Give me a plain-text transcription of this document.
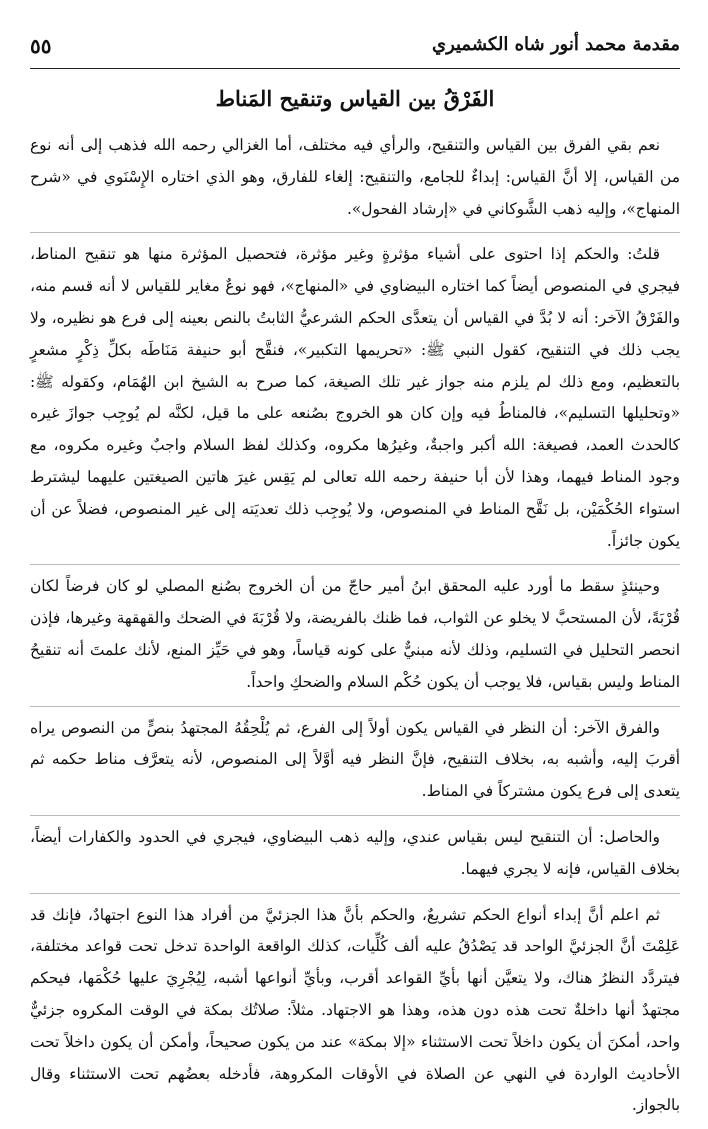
مقدمة محمد أنور شاه الكشميري
٥٥
الفَرْقُ بين القياس وتنقيح المَناط

نعم بقي الفرق بين القياس والتنقيح، والرأي فيه مختلف، أما الغزالي رحمه الله فذهب إلى أنه نوع من القياس، إلا أنَّ القياس: إبداءٌ للجامع، والتنقيح: إلغاء للفارق، وهو الذي اختاره الإِسْنَوي في «شرح المنهاج»، وإليه ذهب الشَّوكاني في «إرشاد الفحول».

قلتُ: والحكم إذا احتوى على أشياء مؤثرةٍ وغير مؤثرة، فتحصيل المؤثرة منها هو تنقيح المناط، فيجري في المنصوص أيضاً كما اختاره البيضاوي في «المنهاج»، فهو نوعٌ مغاير للقياس لا أنه قسم منه، والفَرْقُ الآخر: أنه لا بُدَّ في القياس أن يتعدَّى الحكم الشرعيُّ الثابتُ بالنص بعينه إلى فرع هو نظيره، ولا يجب ذلك في التنقيح، كقول النبي ﷺ: «تحريمها التكبير»، فنقَّح أبو حنيفة مَنَاطَه بكلِّ ذِكْرٍ مشعرٍ بالتعظيم، ومع ذلك لم يلزم منه جواز غير تلك الصيغة، كما صرح به الشيخ ابن الهُمَام، وكقوله ﷺ: «وتحليلها التسليم»، فالمناطُ فيه وإن كان هو الخروج بصُنعه على ما قيل، لكنَّه لم يُوجِب جوازَ غيره كالحدث العمد، فصيغة: الله أكبر واجبةٌ، وغيرُها مكروه، وكذلك لفظ السلام واجبٌ وغيره مكروه، مع وجود المناط فيهما، وهذا لأن أبا حنيفة رحمه الله تعالى لم يَقِس غيرَ هاتين الصيغتين عليهما ليشترط استواء الحُكْمَيْن، بل نَقَّح المناط في المنصوص، ولا يُوجِب ذلك تعديَته إلى غير المنصوص، فضلاً عن أن يكون جائزاً.

وحينئذٍ سقط ما أورد عليه المحقق ابنُ أمير حاجّ من أن الخروج بصُنع المصلي لو كان فرضاً لكان قُرْبَةً، لأن المستحبَّ لا يخلو عن الثواب، فما ظنك بالفريضة، ولا قُرْبَةَ في الضحك والقهقهة وغيرها، فإذن انحصر التحليل في التسليم، وذلك لأنه مبنيٌّ على كونه قياساً، وهو في حَيِّز المنع، لأنك علمتَ أنه تنقيحُ المناط وليس بقياس، فلا يوجب أن يكون حُكْم السلام والضحكِ واحداً.

والفرق الآخر: أن النظر في القياس يكون أولاً إلى الفرع، ثم يُلْحِقُهُ المجتهدُ بنصٍّ من النصوص يراه أقربَ إليه، وأشبه به، بخلاف التنقيح، فإنَّ النظر فيه أوَّلاً إلى المنصوص، لأنه يتعرَّف مناط حكمه ثم يتعدى إلى فرع يكون مشتركاً في المناط.

والحاصل: أن التنقيح ليس بقياس عندي، وإليه ذهب البيضاوي، فيجري في الحدود والكفارات أيضاً، بخلاف القياس، فإنه لا يجري فيهما.

ثم اعلم أنَّ إبداء أنواع الحكم تشريعٌ، والحكم بأنَّ هذا الجزئيَّ من أفراد هذا النوع اجتهادٌ، فإنك قد عَلِمْتَ أنَّ الجزئيَّ الواحد قد يَصْدُقُ عليه ألف كُلِّيات، كذلك الواقعة الواحدة تدخل تحت قواعد مختلفة، فيتردَّد النظرُ هناك، ولا يتعيَّن أنها بأيِّ القواعد أقرب، وبأيِّ أنواعها أشبه، لِيُجْرِيَ عليها حُكْمَها، فيحكم مجتهدٌ أنها داخلةٌ تحت هذه دون هذه، وهذا هو الاجتهاد. مثلاً: صلاتُك بمكة في الوقت المكروه جزئيٌّ واحد، أمكنَ أن يكون داخلاً تحت الاستثناء «إلا بمكة» عند من يكون صحيحاً، وأمكن أن يكون داخلاً تحت الأحاديث الواردة في النهي عن الصلاة في الأوقات المكروهة، فأدخله بعضُهم تحت الاستثناء وقال بالجواز.
